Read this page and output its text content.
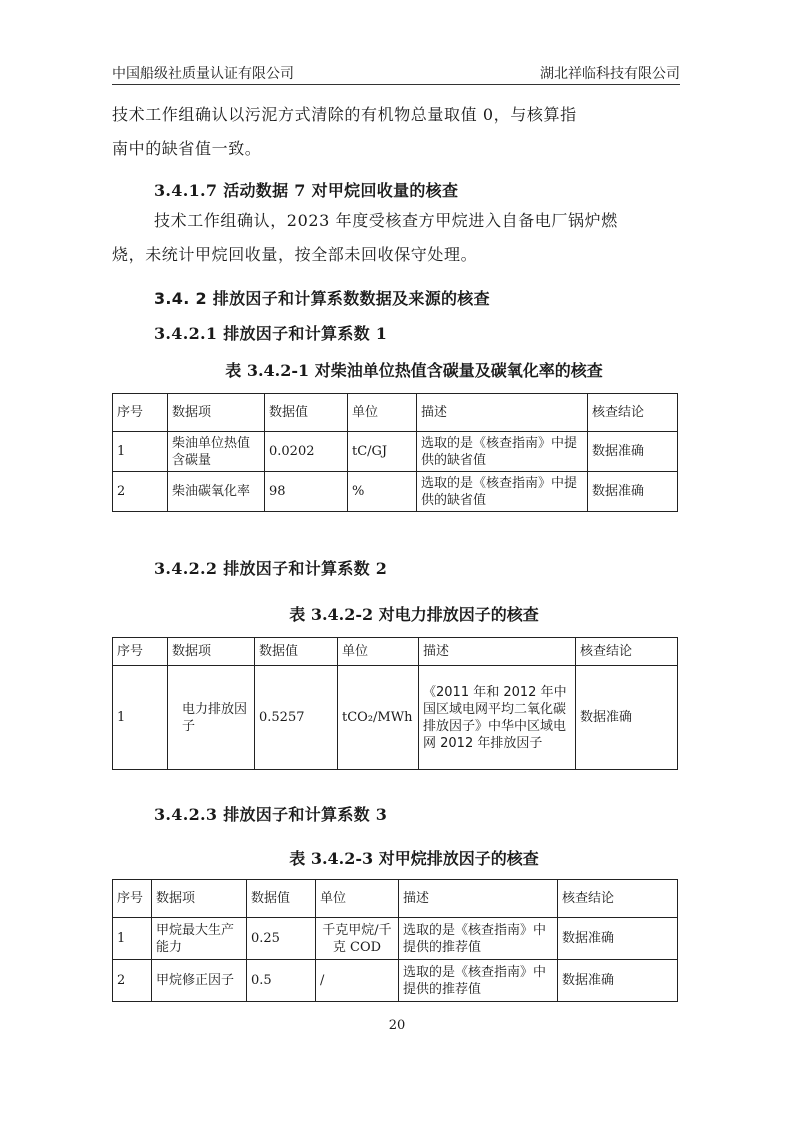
中国船级社质量认证有限公司	湖北祥临科技有限公司

技术工作组确认以污泥方式清除的有机物总量取值 0，与核算指
南中的缺省值一致。

3.4.1.7 活动数据 7 对甲烷回收量的核查

技术工作组确认，2023 年度受核查方甲烷进入自备电厂锅炉燃
烧，未统计甲烷回收量，按全部未回收保守处理。

3.4. 2 排放因子和计算系数数据及来源的核查

3.4.2.1 排放因子和计算系数 1

表 3.4.2-1 对柴油单位热值含碳量及碳氧化率的核查

序号	数据项	数据值	单位	描述	核查结论
1	柴油单位热值含碳量	0.0202	tC/GJ	选取的是《核查指南》中提供的缺省值	数据准确
2	柴油碳氧化率	98	%	选取的是《核查指南》中提供的缺省值	数据准确

3.4.2.2 排放因子和计算系数 2

表 3.4.2-2 对电力排放因子的核查

序号	数据项	数据值	单位	描述	核查结论
1	电力排放因子	0.5257	tCO₂/MWh	《2011 年和 2012 年中国区域电网平均二氧化碳排放因子》中华中区域电网 2012 年排放因子	数据准确

3.4.2.3 排放因子和计算系数 3

表 3.4.2-3 对甲烷排放因子的核查

序号	数据项	数据值	单位	描述	核查结论
1	甲烷最大生产能力	0.25	千克甲烷/千克 COD	选取的是《核查指南》中提供的推荐值	数据准确
2	甲烷修正因子	0.5	/	选取的是《核查指南》中提供的推荐值	数据准确
20
